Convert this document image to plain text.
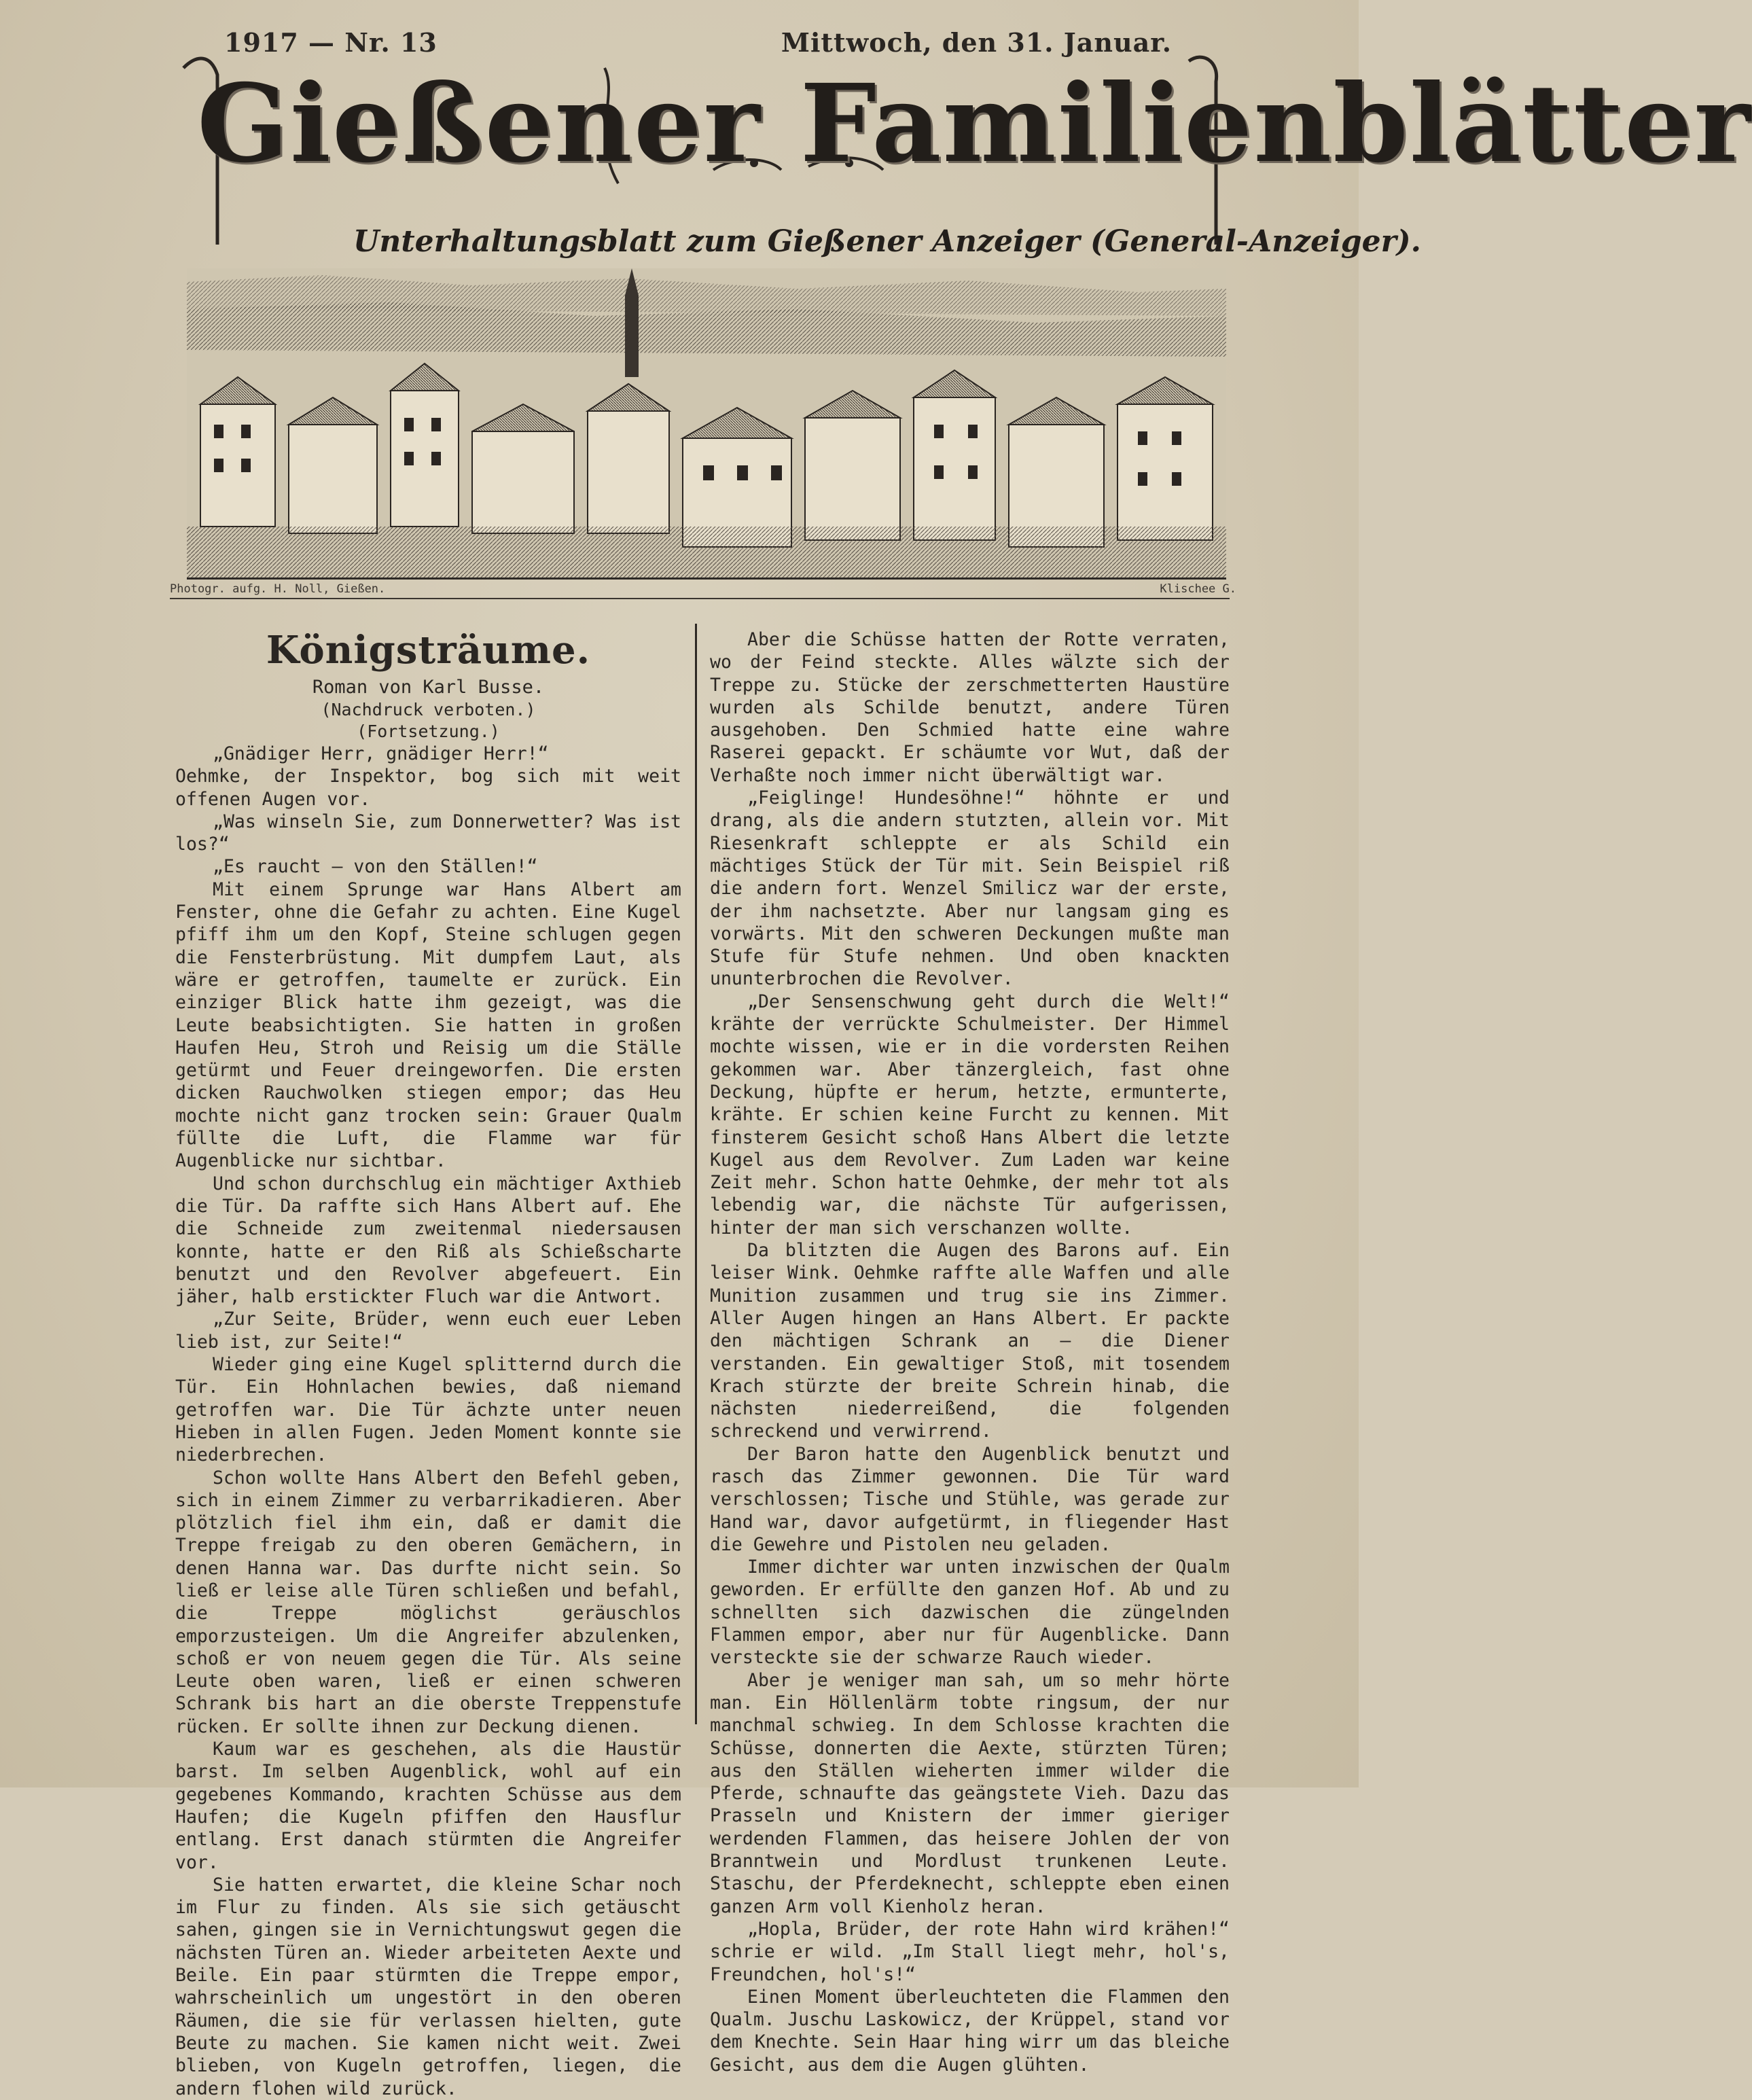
1917 — Nr. 13	Mittwoch, den 31. Januar.
Gießener Familienblätter
Unterhaltungsblatt zum Gießener Anzeiger (General-Anzeiger).
Photogr. aufg. H. Noll, Gießen.	Klischee G.
Königsträume.
Roman von Karl Busse.
(Nachdruck verboten.)
(Fortsetzung.)

„Gnädiger Herr, gnädiger Herr!“

Oehmke, der Inspektor, bog sich mit weit offenen Augen vor.

„Was winseln Sie, zum Donnerwetter? Was ist los?“

„Es raucht — von den Ställen!“

Mit einem Sprunge war Hans Albert am Fenster, ohne die Gefahr zu achten. Eine Kugel pfiff ihm um den Kopf, Steine schlugen gegen die Fensterbrüstung. Mit dumpfem Laut, als wäre er getroffen, taumelte er zurück. Ein einziger Blick hatte ihm gezeigt, was die Leute beabsichtigten. Sie hatten in großen Haufen Heu, Stroh und Reisig um die Ställe getürmt und Feuer dreingeworfen. Die ersten dicken Rauchwolken stiegen empor; das Heu mochte nicht ganz trocken sein: Grauer Qualm füllte die Luft, die Flamme war für Augenblicke nur sichtbar.

Und schon durchschlug ein mächtiger Axthieb die Tür. Da raffte sich Hans Albert auf. Ehe die Schneide zum zweitenmal niedersausen konnte, hatte er den Riß als Schießscharte benutzt und den Revolver abgefeuert. Ein jäher, halb erstickter Fluch war die Antwort.

„Zur Seite, Brüder, wenn euch euer Leben lieb ist, zur Seite!“

Wieder ging eine Kugel splitternd durch die Tür. Ein Hohnlachen bewies, daß niemand getroffen war. Die Tür ächzte unter neuen Hieben in allen Fugen. Jeden Moment konnte sie niederbrechen.

Schon wollte Hans Albert den Befehl geben, sich in einem Zimmer zu verbarrikadieren. Aber plötzlich fiel ihm ein, daß er damit die Treppe freigab zu den oberen Gemächern, in denen Hanna war. Das durfte nicht sein. So ließ er leise alle Türen schließen und befahl, die Treppe möglichst geräuschlos emporzusteigen. Um die Angreifer abzulenken, schoß er von neuem gegen die Tür. Als seine Leute oben waren, ließ er einen schweren Schrank bis hart an die oberste Treppenstufe rücken. Er sollte ihnen zur Deckung dienen.

Kaum war es geschehen, als die Haustür barst. Im selben Augenblick, wohl auf ein gegebenes Kommando, krachten Schüsse aus dem Haufen; die Kugeln pfiffen den Hausflur entlang. Erst danach stürmten die Angreifer vor.

Sie hatten erwartet, die kleine Schar noch im Flur zu finden. Als sie sich getäuscht sahen, gingen sie in Vernichtungswut gegen die nächsten Türen an. Wieder arbeiteten Aexte und Beile. Ein paar stürmten die Treppe empor, wahrscheinlich um ungestört in den oberen Räumen, die sie für verlassen hielten, gute Beute zu machen. Sie kamen nicht weit. Zwei blieben, von Kugeln getroffen, liegen, die andern flohen wild zurück.

Aber die Schüsse hatten der Rotte verraten, wo der Feind steckte. Alles wälzte sich der Treppe zu. Stücke der zerschmetterten Haustüre wurden als Schilde benutzt, andere Türen ausgehoben. Den Schmied hatte eine wahre Raserei gepackt. Er schäumte vor Wut, daß der Verhaßte noch immer nicht überwältigt war.

„Feiglinge! Hundesöhne!“ höhnte er und drang, als die andern stutzten, allein vor. Mit Riesenkraft schleppte er als Schild ein mächtiges Stück der Tür mit. Sein Beispiel riß die andern fort. Wenzel Smilicz war der erste, der ihm nachsetzte. Aber nur langsam ging es vorwärts. Mit den schweren Deckungen mußte man Stufe für Stufe nehmen. Und oben knackten ununterbrochen die Revolver.

„Der Sensenschwung geht durch die Welt!“ krähte der verrückte Schulmeister. Der Himmel mochte wissen, wie er in die vordersten Reihen gekommen war. Aber tänzergleich, fast ohne Deckung, hüpfte er herum, hetzte, ermunterte, krähte. Er schien keine Furcht zu kennen. Mit finsterem Gesicht schoß Hans Albert die letzte Kugel aus dem Revolver. Zum Laden war keine Zeit mehr. Schon hatte Oehmke, der mehr tot als lebendig war, die nächste Tür aufgerissen, hinter der man sich verschanzen wollte.

Da blitzten die Augen des Barons auf. Ein leiser Wink. Oehmke raffte alle Waffen und alle Munition zusammen und trug sie ins Zimmer. Aller Augen hingen an Hans Albert. Er packte den mächtigen Schrank an — die Diener verstanden. Ein gewaltiger Stoß, mit tosendem Krach stürzte der breite Schrein hinab, die nächsten niederreißend, die folgenden schreckend und verwirrend.

Der Baron hatte den Augenblick benutzt und rasch das Zimmer gewonnen. Die Tür ward verschlossen; Tische und Stühle, was gerade zur Hand war, davor aufgetürmt, in fliegender Hast die Gewehre und Pistolen neu geladen.

Immer dichter war unten inzwischen der Qualm geworden. Er erfüllte den ganzen Hof. Ab und zu schnellten sich dazwischen die züngelnden Flammen empor, aber nur für Augenblicke. Dann versteckte sie der schwarze Rauch wieder.

Aber je weniger man sah, um so mehr hörte man. Ein Höllenlärm tobte ringsum, der nur manchmal schwieg. In dem Schlosse krachten die Schüsse, donnerten die Aexte, stürzten Türen; aus den Ställen wieherten immer wilder die Pferde, schnaufte das geängstete Vieh. Dazu das Prasseln und Knistern der immer gieriger werdenden Flammen, das heisere Johlen der von Branntwein und Mordlust trunkenen Leute. Staschu, der Pferdeknecht, schleppte eben einen ganzen Arm voll Kienholz heran.

„Hopla, Brüder, der rote Hahn wird krähen!“ schrie er wild. „Im Stall liegt mehr, hol's, Freundchen, hol's!“

Einen Moment überleuchteten die Flammen den Qualm. Juschu Laskowicz, der Krüppel, stand vor dem Knechte. Sein Haar hing wirr um das bleiche Gesicht, aus dem die Augen glühten.
